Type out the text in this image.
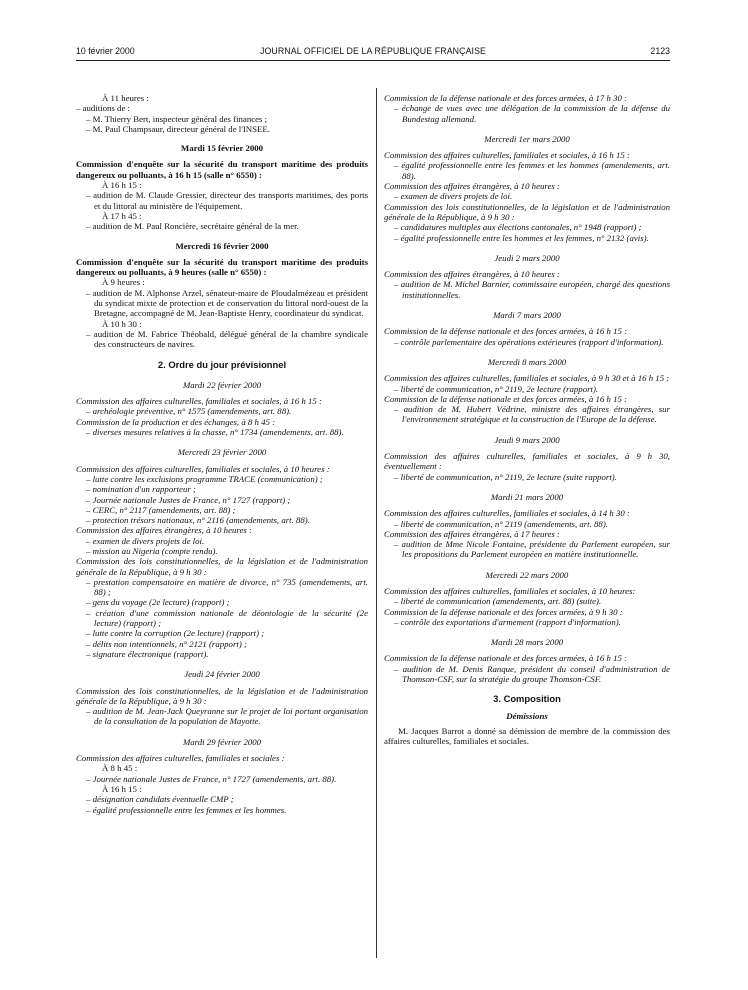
10 février 2000	JOURNAL OFFICIEL DE LA RÉPUBLIQUE FRANÇAISE	2123

À 11 heures :

– auditions de :

– M. Thierry Bert, inspecteur général des finances ;

– M. Paul Champsaur, directeur général de l'INSEE.

Mardi 15 février 2000

Commission d'enquête sur la sécurité du transport maritime des produits dangereux ou polluants, à 16 h 15 (salle n° 6550) :

À 16 h 15 :

– audition de M. Claude Gressier, directeur des transports maritimes, des ports et du littoral au ministère de l'équipement.

À 17 h 45 :

– audition de M. Paul Roncière, secrétaire général de la mer.

Mercredi 16 février 2000

Commission d'enquête sur la sécurité du transport maritime des produits dangereux ou polluants, à 9 heures (salle n° 6550) :

À 9 heures :

– audition de M. Alphonse Arzel, sénateur-maire de Ploudalmézeau et président du syndicat mixte de protection et de conservation du littoral nord-ouest de la Bretagne, accompagné de M. Jean-Baptiste Henry, coordinateur du syndicat.

À 10 h 30 :

– audition de M. Fabrice Théobald, délégué général de la chambre syndicale des constructeurs de navires.

2. Ordre du jour prévisionnel

Mardi 22 février 2000

Commission des affaires culturelles, familiales et sociales, à 16 h 15 :

– archéologie préventive, n° 1575 (amendements, art. 88).

Commission de la production et des échanges, à 8 h 45 :

– diverses mesures relatives à la chasse, n° 1734 (amendements, art. 88).

Mercredi 23 février 2000

Commission des affaires culturelles, familiales et sociales, à 10 heures :

– lutte contre les exclusions programme TRACE (communication) ;

– nomination d'un rapporteur ;

– Journée nationale Justes de France, n° 1727 (rapport) ;

– CERC, n° 2117 (amendements, art. 88) ;

– protection trésors nationaux, n° 2116 (amendements, art. 88).

Commission des affaires étrangères, à 10 heures :

– examen de divers projets de loi.

– mission au Nigeria (compte rendu).

Commission des lois constitutionnelles, de la législation et de l'administration générale de la République, à 9 h 30 :

– prestation compensatoire en matière de divorce, n° 735 (amendements, art. 88) ;

– gens du voyage (2e lecture) (rapport) ;

– création d'une commission nationale de déontologie de la sécurité (2e lecture) (rapport) ;

– lutte contre la corruption (2e lecture) (rapport) ;

– délits non intentionnels, n° 2121 (rapport) ;

– signature électronique (rapport).

Jeudi 24 février 2000

Commission des lois constitutionnelles, de la législation et de l'administration générale de la République, à 9 h 30 :

– audition de M. Jean-Jack Queyranne sur le projet de loi portant organisation de la consultation de la population de Mayotte.

Mardi 29 février 2000

Commission des affaires culturelles, familiales et sociales :

À 8 h 45 :

– Journée nationale Justes de France, n° 1727 (amendements, art. 88).

À 16 h 15 :

– désignation candidats éventuelle CMP ;

– égalité professionnelle entre les femmes et les hommes.

Commission de la défense nationale et des forces armées, à 17 h 30 :

– échange de vues avec une délégation de la commission de la défense du Bundestag allemand.

Mercredi 1er mars 2000

Commission des affaires culturelles, familiales et sociales, à 16 h 15 :

– égalité professionnelle entre les femmes et les hommes (amendements, art. 88).

Commission des affaires étrangères, à 10 heures :

– examen de divers projets de loi.

Commission des lois constitutionnelles, de la législation et de l'administration générale de la République, à 9 h 30 :

– candidatures multiples aux élections cantonales, n° 1948 (rapport) ;

– égalité professionnelle entre les hommes et les femmes, n° 2132 (avis).

Jeudi 2 mars 2000

Commission des affaires étrangères, à 10 heures :

– audition de M. Michel Barnier, commissaire européen, chargé des questions institutionnelles.

Mardi 7 mars 2000

Commission de la défense nationale et des forces armées, à 16 h 15 :

– contrôle parlementaire des opérations extérieures (rapport d'information).

Mercredi 8 mars 2000

Commission des affaires culturelles, familiales et sociales, à 9 h 30 et à 16 h 15 :

– liberté de communication, n° 2119, 2e lecture (rapport).

Commission de la défense nationale et des forces armées, à 16 h 15 :

– audition de M. Hubert Védrine, ministre des affaires étrangères, sur l'environnement stratégique et la construction de l'Europe de la défense.

Jeudi 9 mars 2000

Commission des affaires culturelles, familiales et sociales, à 9 h 30, éventuellement :

– liberté de communication, n° 2119, 2e lecture (suite rapport).

Mardi 21 mars 2000

Commission des affaires culturelles, familiales et sociales, à 14 h 30 :

– liberté de communication, n° 2119 (amendements, art. 88).

Commission des affaires étrangères, à 17 heures :

– audition de Mme Nicole Fontaine, présidente du Parlement européen, sur les propositions du Parlement européen en matière institutionnelle.

Mercredi 22 mars 2000

Commission des affaires culturelles, familiales et sociales, à 10 heures:

– liberté de communication (amendements, art. 88) (suite).

Commission de la défense nationale et des forces armées, à 9 h 30 :

– contrôle des exportations d'armement (rapport d'information).

Mardi 28 mars 2000

Commission de la défense nationale et des forces armées, à 16 h 15 :

– audition de M. Denis Ranque, président du conseil d'administration de Thomson-CSF, sur la stratégie du groupe Thomson-CSF.

3. Composition

Démissions

M. Jacques Barrot a donné sa démission de membre de la commission des affaires culturelles, familiales et sociales.
